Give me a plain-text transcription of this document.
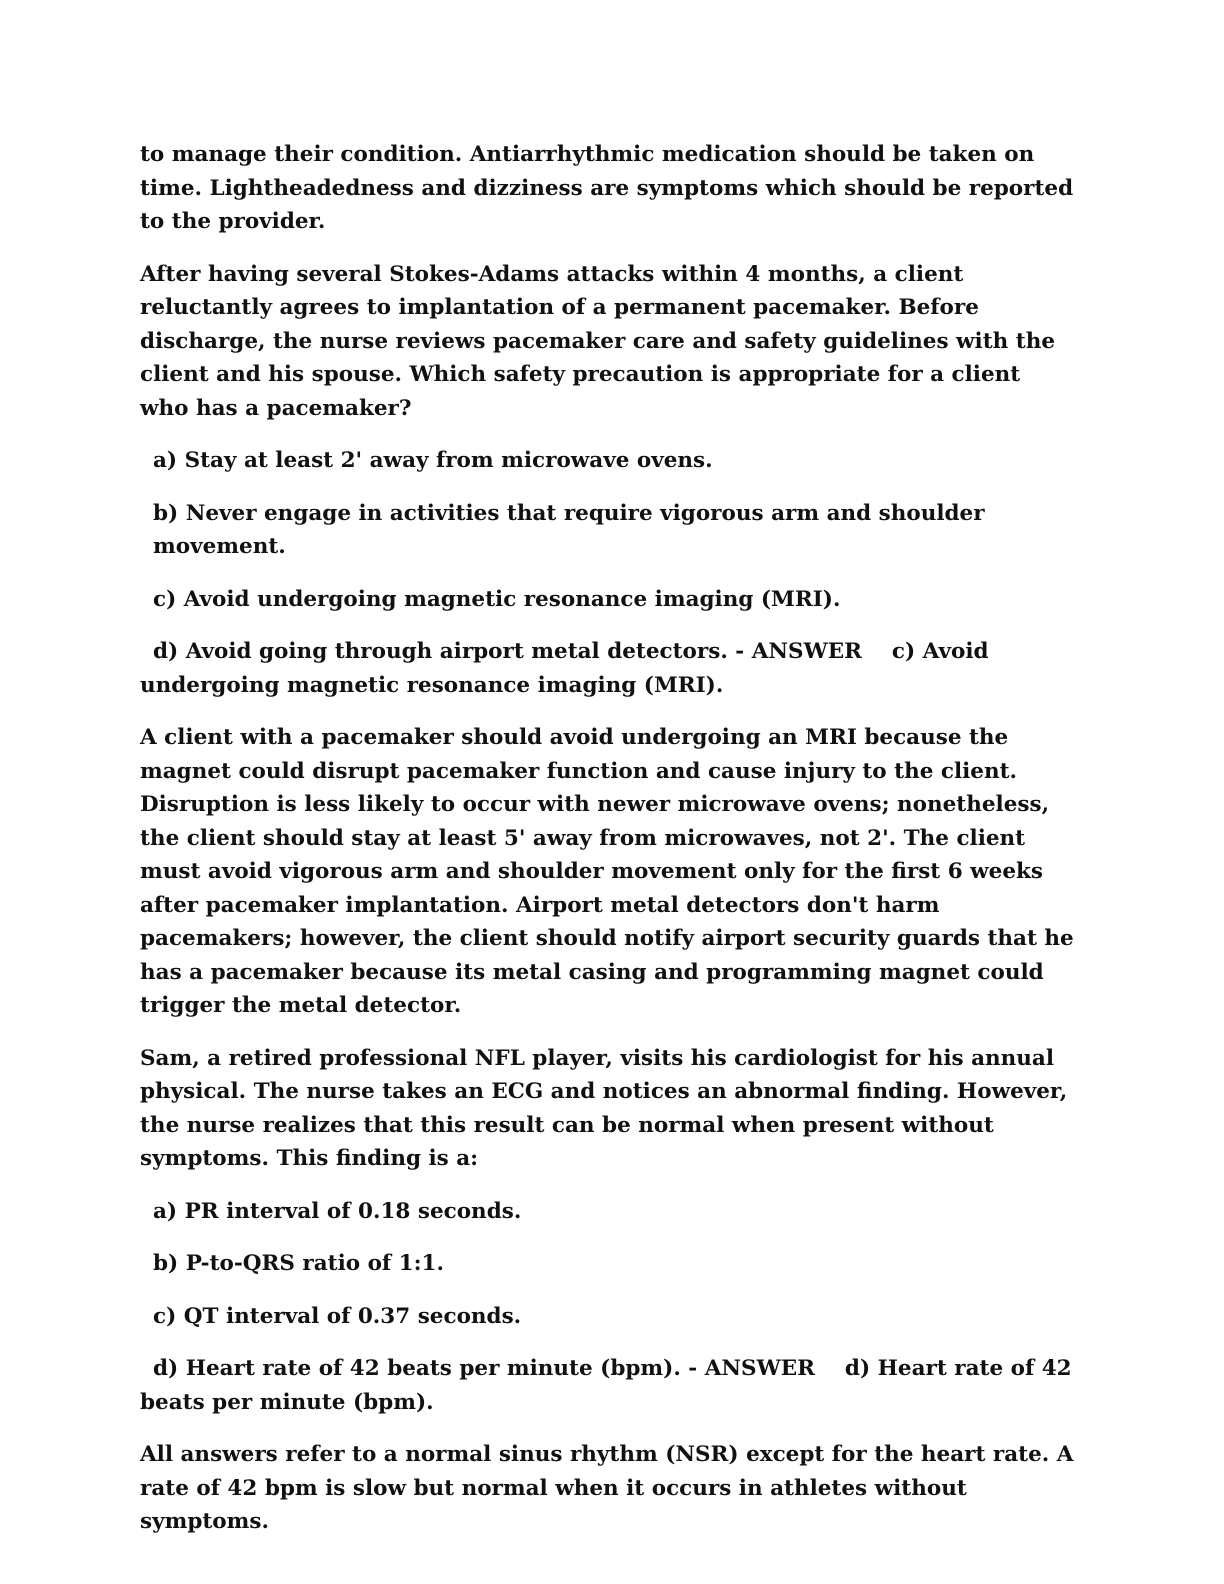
to manage their condition. Antiarrhythmic medication should be taken on time. Lightheadedness and dizziness are symptoms which should be reported to the provider.

After having several Stokes-Adams attacks within 4 months, a client reluctantly agrees to implantation of a permanent pacemaker. Before discharge, the nurse reviews pacemaker care and safety guidelines with the client and his spouse. Which safety precaution is appropriate for a client who has a pacemaker?

a) Stay at least 2' away from microwave ovens.

b) Never engage in activities that require vigorous arm and shoulder movement.

c) Avoid undergoing magnetic resonance imaging (MRI).

d) Avoid going through airport metal detectors. - ANSWER c) Avoid undergoing magnetic resonance imaging (MRI).

A client with a pacemaker should avoid undergoing an MRI because the magnet could disrupt pacemaker function and cause injury to the client. Disruption is less likely to occur with newer microwave ovens; nonetheless, the client should stay at least 5' away from microwaves, not 2'. The client must avoid vigorous arm and shoulder movement only for the first 6 weeks after pacemaker implantation. Airport metal detectors don't harm pacemakers; however, the client should notify airport security guards that he has a pacemaker because its metal casing and programming magnet could trigger the metal detector.

Sam, a retired professional NFL player, visits his cardiologist for his annual physical. The nurse takes an ECG and notices an abnormal finding. However, the nurse realizes that this result can be normal when present without symptoms. This finding is a:

a) PR interval of 0.18 seconds.

b) P-to-QRS ratio of 1:1.

c) QT interval of 0.37 seconds.

d) Heart rate of 42 beats per minute (bpm). - ANSWER d) Heart rate of 42 beats per minute (bpm).

All answers refer to a normal sinus rhythm (NSR) except for the heart rate. A rate of 42 bpm is slow but normal when it occurs in athletes without symptoms.
